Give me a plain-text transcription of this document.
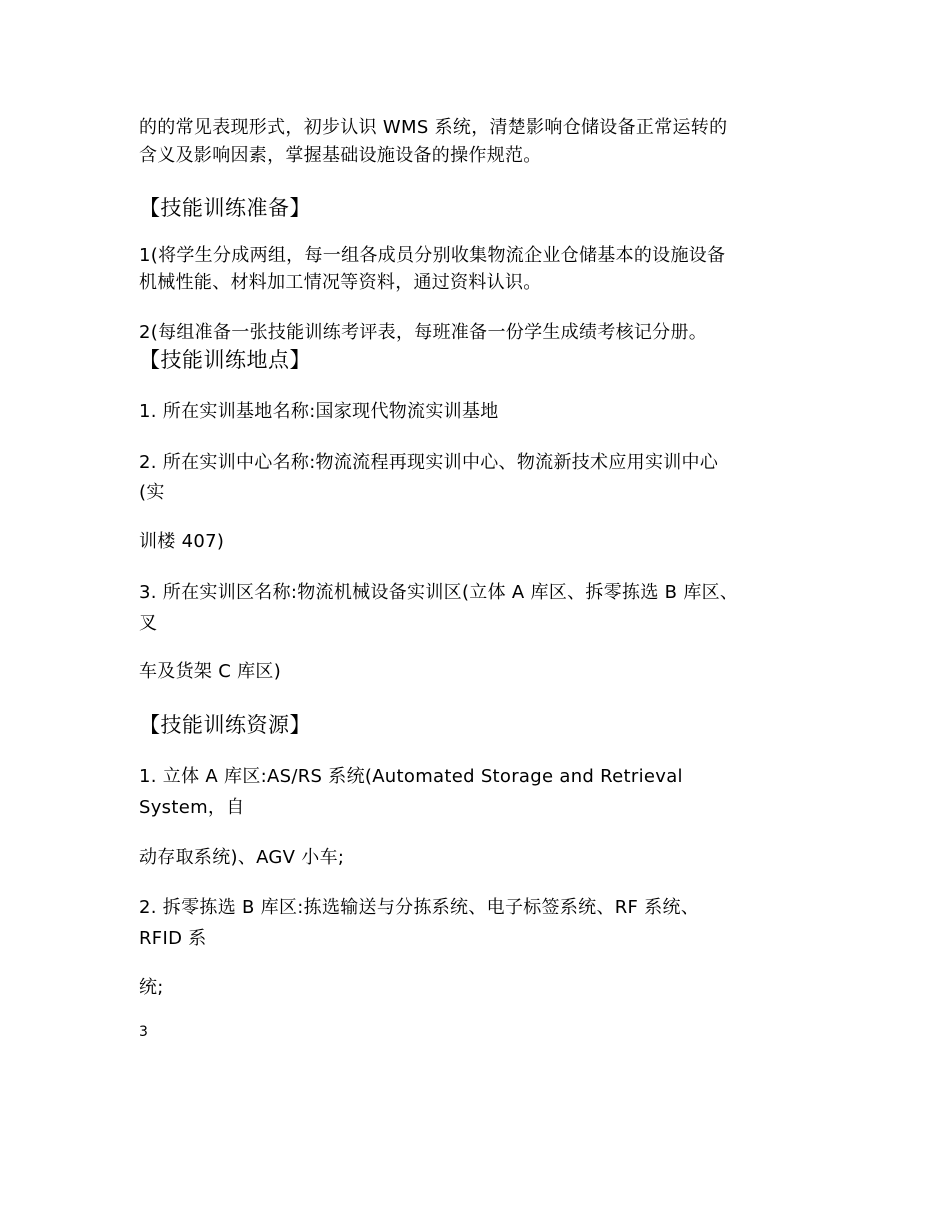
的的常见表现形式，初步认识 WMS 系统，清楚影响仓储设备正常运转的
含义及影响因素，掌握基础设施设备的操作规范。
【技能训练准备】
1(将学生分成两组，每一组各成员分别收集物流企业仓储基本的设施设备
机械性能、材料加工情况等资料，通过资料认识。
2(每组准备一张技能训练考评表，每班准备一份学生成绩考核记分册。
【技能训练地点】
1. 所在实训基地名称:国家现代物流实训基地
2. 所在实训中心名称:物流流程再现实训中心、物流新技术应用实训中心
(实
训楼 407)
3. 所在实训区名称:物流机械设备实训区(立体 A 库区、拆零拣选 B 库区、
叉
车及货架 C 库区)
【技能训练资源】
1. 立体 A 库区:AS/RS 系统(Automated Storage and Retrieval
System，自
动存取系统)、AGV 小车;
2. 拆零拣选 B 库区:拣选输送与分拣系统、电子标签系统、RF 系统、
RFID 系
统;
3
